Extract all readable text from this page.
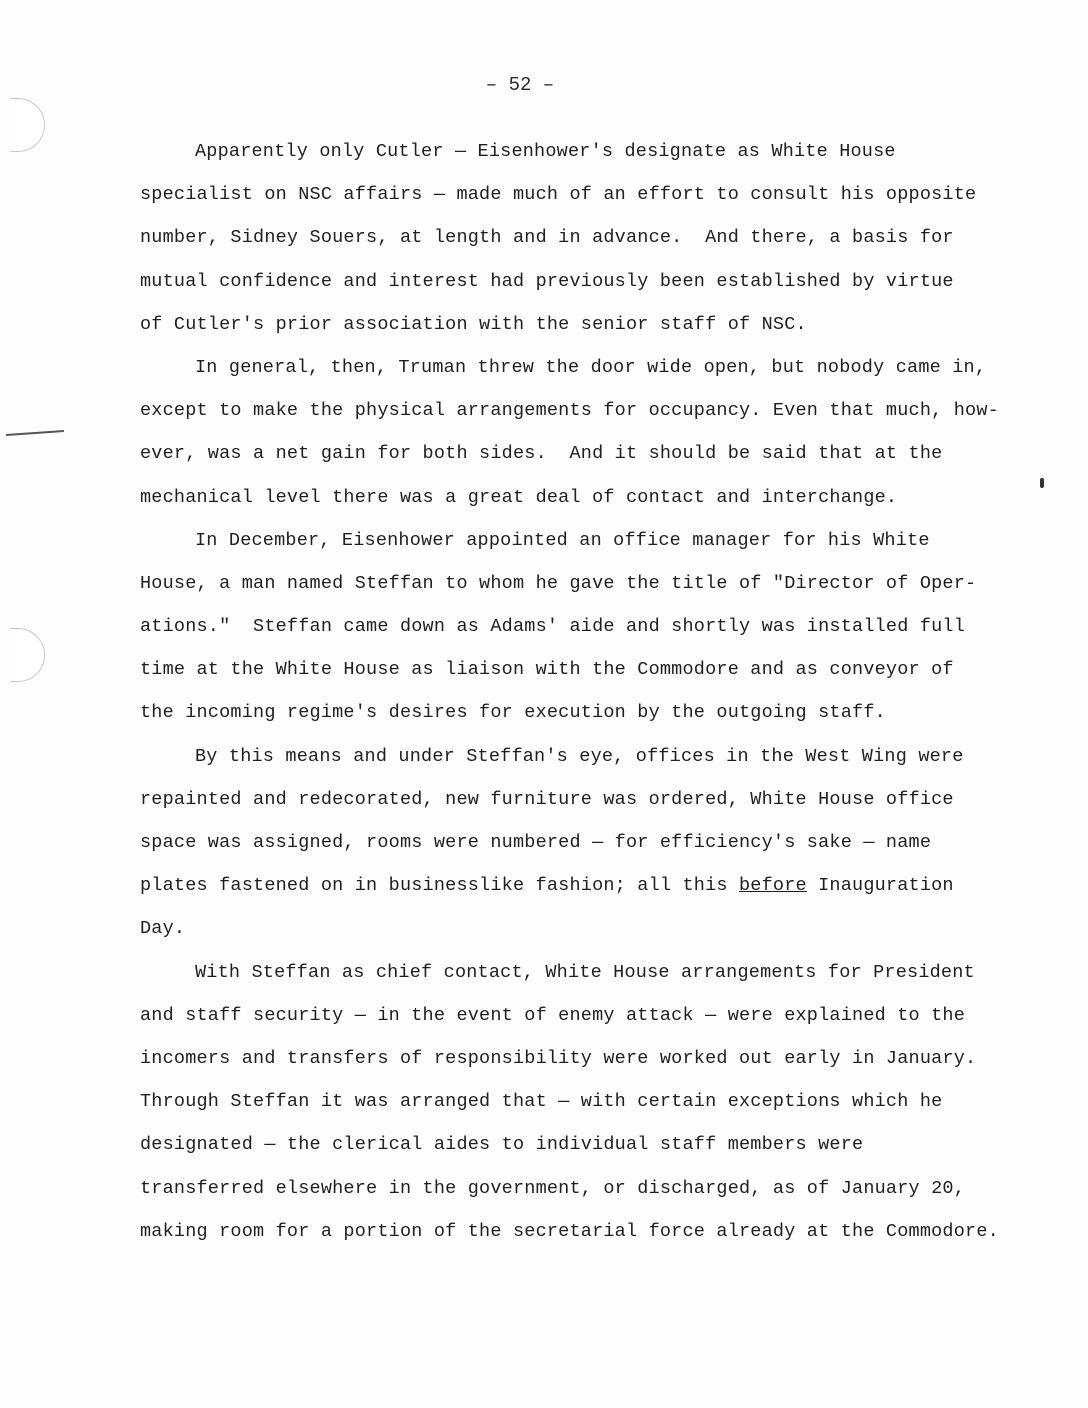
– 52 –
Apparently only Cutler — Eisenhower's designate as White House
specialist on NSC affairs — made much of an effort to consult his opposite
number, Sidney Souers, at length and in advance.  And there, a basis for
mutual confidence and interest had previously been established by virtue
of Cutler's prior association with the senior staff of NSC.
In general, then, Truman threw the door wide open, but nobody came in,
except to make the physical arrangements for occupancy. Even that much, how-
ever, was a net gain for both sides.  And it should be said that at the
mechanical level there was a great deal of contact and interchange.
In December, Eisenhower appointed an office manager for his White
House, a man named Steffan to whom he gave the title of "Director of Oper-
ations."  Steffan came down as Adams' aide and shortly was installed full
time at the White House as liaison with the Commodore and as conveyor of
the incoming regime's desires for execution by the outgoing staff.
By this means and under Steffan's eye, offices in the West Wing were
repainted and redecorated, new furniture was ordered, White House office
space was assigned, rooms were numbered — for efficiency's sake — name
plates fastened on in businesslike fashion; all this before Inauguration
Day.
With Steffan as chief contact, White House arrangements for President
and staff security — in the event of enemy attack — were explained to the
incomers and transfers of responsibility were worked out early in January.
Through Steffan it was arranged that — with certain exceptions which he
designated — the clerical aides to individual staff members were
transferred elsewhere in the government, or discharged, as of January 20,
making room for a portion of the secretarial force already at the Commodore.
